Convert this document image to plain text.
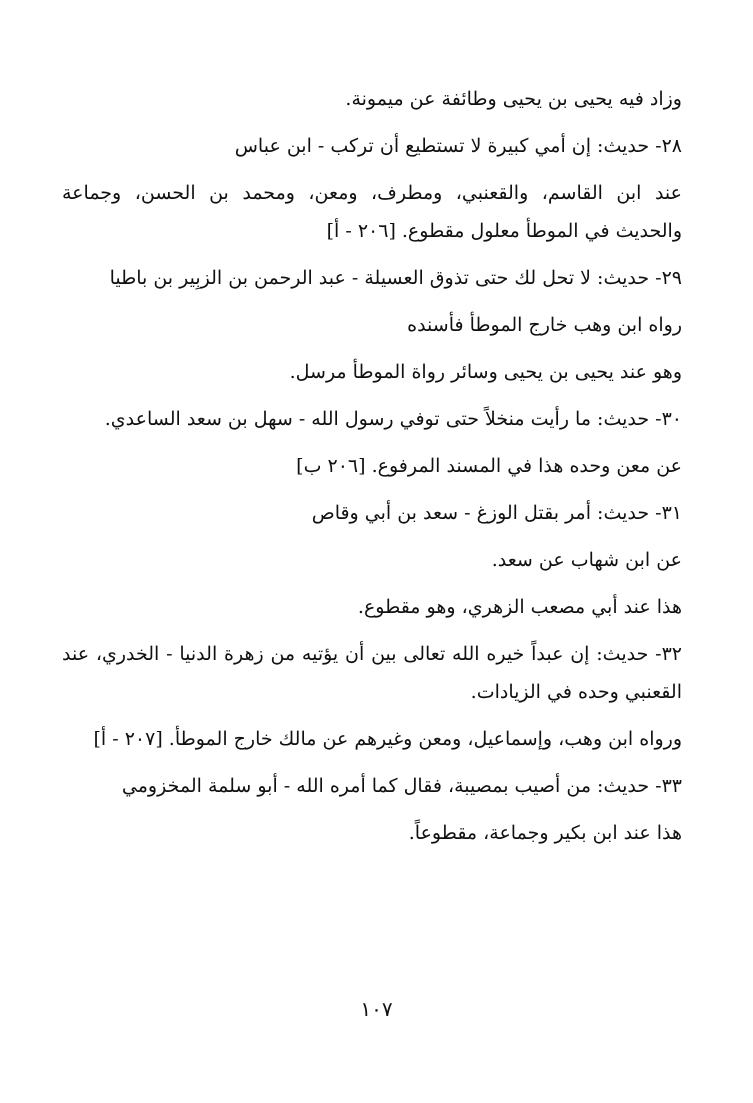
وزاد فيه يحيى بن يحيى وطائفة عن ميمونة.

٢٨- حديث: إن أمي كبيرة لا تستطيع أن تركب - ابن عباس

عند ابن القاسم، والقعنبي، ومطرف، ومعن، ومحمد بن الحسن، وجماعة والحديث في الموطأ معلول مقطوع. [٢٠٦ - أ]

٢٩- حديث: لا تحل لك حتى تذوق العسيلة - عبد الرحمن بن الزبِير بن باطيا

رواه ابن وهب خارج الموطأ فأسنده

وهو عند يحيى بن يحيى وسائر رواة الموطأ مرسل.

٣٠- حديث: ما رأيت منخلاً حتى توفي رسول الله - سهل بن سعد الساعدي.

عن معن وحده هذا في المسند المرفوع. [٢٠٦ ب]

٣١- حديث: أمر بقتل الوزغ - سعد بن أبي وقاص

عن ابن شهاب عن سعد.

هذا عند أبي مصعب الزهري، وهو مقطوع.

٣٢- حديث: إن عبداً خيره الله تعالى بين أن يؤتيه من زهرة الدنيا - الخدري، عند القعنبي وحده في الزيادات.

ورواه ابن وهب، وإسماعيل، ومعن وغيرهم عن مالك خارج الموطأ. [٢٠٧ - أ]

٣٣- حديث: من أصيب بمصيبة، فقال كما أمره الله - أبو سلمة المخزومي

هذا عند ابن بكير وجماعة، مقطوعاً.

١٠٧
